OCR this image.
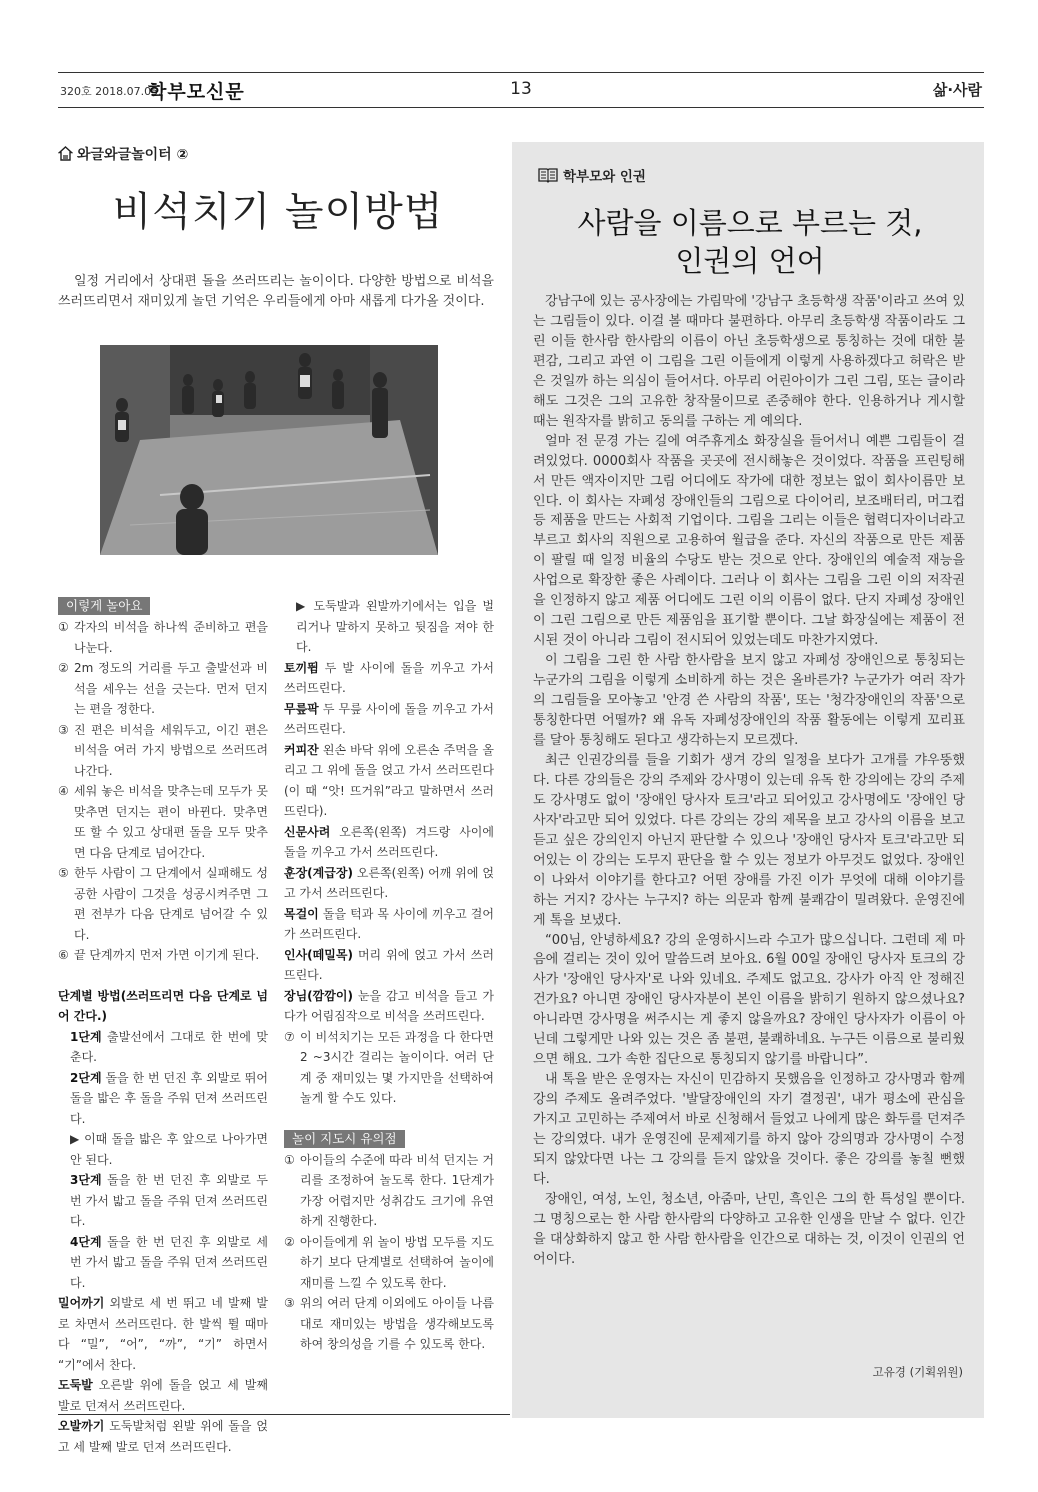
320호 2018.07.05.
학부모신문	13	삶·사람
와글와글놀이터 ②
비석치기 놀이방법

일정 거리에서 상대편 돌을 쓰러뜨리는 놀이이다. 다양한 방법으로 비석을 쓰러뜨리면서 재미있게 놀던 기억은 우리들에게 아마 새롭게 다가올 것이다.

이렇게 놀아요
① 각자의 비석을 하나씩 준비하고 편을 나눈다.
② 2m 정도의 거리를 두고 출발선과 비석을 세우는 선을 긋는다. 먼저 던지는 편을 정한다.
③ 진 편은 비석을 세워두고, 이긴 편은 비석을 여러 가지 방법으로 쓰러뜨려 나간다.
④ 세워 놓은 비석을 맞추는데 모두가 못 맞추면 던지는 편이 바뀐다. 맞추면 또 할 수 있고 상대편 돌을 모두 맞추면 다음 단계로 넘어간다.
⑤ 한두 사람이 그 단계에서 실패해도 성공한 사람이 그것을 성공시켜주면 그편 전부가 다음 단계로 넘어갈 수 있다.
⑥ 끝 단계까지 먼저 가면 이기게 된다.

단계별 방법(쓰러뜨리면 다음 단계로 넘어 간다.)

1단계 출발선에서 그대로 한 번에 맞춘다.
2단계 돌을 한 번 던진 후 외발로 뛰어 돌을 밟은 후 돌을 주워 던져 쓰러뜨린다.
▶ 이때 돌을 밟은 후 앞으로 나아가면 안 된다.
3단계 돌을 한 번 던진 후 외발로 두 번 가서 밟고 돌을 주워 던져 쓰러뜨린다.
4단계 돌을 한 번 던진 후 외발로 세 번 가서 밟고 돌을 주워 던져 쓰러뜨린다.

밀어까기 외발로 세 번 뛰고 네 발째 발로 차면서 쓰러뜨린다. 한 발씩 뛸 때마다 “밀”, “어”, “까”, “기” 하면서 “기”에서 찬다.

도둑발 오른발 위에 돌을 얹고 세 발째 발로 던져서 쓰러뜨린다.

오발까기 도둑발처럼 왼발 위에 돌을 얹고 세 발째 발로 던져 쓰러뜨린다.

▶ 도둑발과 왼발까기에서는 입을 벌리거나 말하지 못하고 뒷짐을 져야 한다.

토끼뜀 두 발 사이에 돌을 끼우고 가서 쓰러뜨린다.

무릎팍 두 무릎 사이에 돌을 끼우고 가서 쓰러뜨린다.

커피잔 왼손 바닥 위에 오른손 주먹을 올리고 그 위에 돌을 얹고 가서 쓰러뜨린다(이 때 “앗! 뜨거워”라고 말하면서 쓰러뜨린다).

신문사려 오른쪽(왼쪽) 겨드랑 사이에 돌을 끼우고 가서 쓰러뜨린다.

훈장(계급장) 오른쪽(왼쪽) 어깨 위에 얹고 가서 쓰러뜨린다.

목걸이 돌을 턱과 목 사이에 끼우고 걸어가 쓰러뜨린다.

인사(떼밀목) 머리 위에 얹고 가서 쓰러뜨린다.

장님(깜깜이) 눈을 감고 비석을 들고 가다가 어림짐작으로 비석을 쓰러뜨린다.

⑦ 이 비석치기는 모든 과정을 다 한다면 2 ~3시간 걸리는 놀이이다. 여러 단계 중 재미있는 몇 가지만을 선택하여 놀게 할 수도 있다.
놀이 지도시 유의점
① 아이들의 수준에 따라 비석 던지는 거리를 조정하여 놀도록 한다. 1단계가 가장 어렵지만 성취감도 크기에 유연하게 진행한다.
② 아이들에게 위 놀이 방법 모두를 지도하기 보다 단계별로 선택하여 놀이에 재미를 느낄 수 있도록 한다.
③ 위의 여러 단계 이외에도 아이들 나름대로 재미있는 방법을 생각해보도록 하여 창의성을 기를 수 있도록 한다.
학부모와 인권
사람을 이름으로 부르는 것,
인권의 언어

강남구에 있는 공사장에는 가림막에 '강남구 초등학생 작품'이라고 쓰여 있는 그림들이 있다. 이걸 볼 때마다 불편하다. 아무리 초등학생 작품이라도 그린 이들 한사람 한사람의 이름이 아닌 초등학생으로 통칭하는 것에 대한 불편감, 그리고 과연 이 그림을 그린 이들에게 이렇게 사용하겠다고 허락은 받은 것일까 하는 의심이 들어서다. 아무리 어린아이가 그린 그림, 또는 글이라 해도 그것은 그의 고유한 창작물이므로 존중해야 한다. 인용하거나 게시할 때는 원작자를 밝히고 동의를 구하는 게 예의다.

얼마 전 문경 가는 길에 여주휴게소 화장실을 들어서니 예쁜 그림들이 걸려있었다. 0000회사 작품을 곳곳에 전시해놓은 것이었다. 작품을 프린팅해서 만든 액자이지만 그림 어디에도 작가에 대한 정보는 없이 회사이름만 보인다. 이 회사는 자폐성 장애인들의 그림으로 다이어리, 보조배터리, 머그컵 등 제품을 만드는 사회적 기업이다. 그림을 그리는 이들은 협력디자이너라고 부르고 회사의 직원으로 고용하여 월급을 준다. 자신의 작품으로 만든 제품이 팔릴 때 일정 비율의 수당도 받는 것으로 안다. 장애인의 예술적 재능을 사업으로 확장한 좋은 사례이다. 그러나 이 회사는 그림을 그린 이의 저작권을 인정하지 않고 제품 어디에도 그린 이의 이름이 없다. 단지 자폐성 장애인이 그린 그림으로 만든 제품임을 표기할 뿐이다. 그날 화장실에는 제품이 전시된 것이 아니라 그림이 전시되어 있었는데도 마찬가지였다.

이 그림을 그린 한 사람 한사람을 보지 않고 자폐성 장애인으로 통칭되는 누군가의 그림을 이렇게 소비하게 하는 것은 올바른가? 누군가가 여러 작가의 그림들을 모아놓고 '안경 쓴 사람의 작품', 또는 '청각장애인의 작품'으로 통칭한다면 어떨까? 왜 유독 자폐성장애인의 작품 활동에는 이렇게 꼬리표를 달아 통칭해도 된다고 생각하는지 모르겠다.

최근 인권강의를 들을 기회가 생겨 강의 일정을 보다가 고개를 갸우뚱했다. 다른 강의들은 강의 주제와 강사명이 있는데 유독 한 강의에는 강의 주제도 강사명도 없이 '장애인 당사자 토크'라고 되어있고 강사명에도 '장애인 당사자'라고만 되어 있었다. 다른 강의는 강의 제목을 보고 강사의 이름을 보고 듣고 싶은 강의인지 아닌지 판단할 수 있으나 '장애인 당사자 토크'라고만 되어있는 이 강의는 도무지 판단을 할 수 있는 정보가 아무것도 없었다. 장애인이 나와서 이야기를 한다고? 어떤 장애를 가진 이가 무엇에 대해 이야기를 하는 거지? 강사는 누구지? 하는 의문과 함께 불쾌감이 밀려왔다. 운영진에게 톡을 보냈다.

“00님, 안녕하세요? 강의 운영하시느라 수고가 많으십니다. 그런데 제 마음에 걸리는 것이 있어 말씀드려 보아요. 6월 00일 장애인 당사자 토크의 강사가 '장애인 당사자'로 나와 있네요. 주제도 없고요. 강사가 아직 안 정해진 건가요? 아니면 장애인 당사자분이 본인 이름을 밝히기 원하지 않으셨나요? 아니라면 강사명을 써주시는 게 좋지 않을까요? 장애인 당사자가 이름이 아닌데 그렇게만 나와 있는 것은 좀 불편, 불쾌하네요. 누구든 이름으로 불리웠으면 해요. 그가 속한 집단으로 통칭되지 않기를 바랍니다”.

내 톡을 받은 운영자는 자신이 민감하지 못했음을 인정하고 강사명과 함께 강의 주제도 올려주었다. '발달장애인의 자기 결정권', 내가 평소에 관심을 가지고 고민하는 주제여서 바로 신청해서 들었고 나에게 많은 화두를 던져주는 강의였다. 내가 운영진에 문제제기를 하지 않아 강의명과 강사명이 수정되지 않았다면 나는 그 강의를 듣지 않았을 것이다. 좋은 강의를 놓칠 뻔했다.

장애인, 여성, 노인, 청소년, 아줌마, 난민, 흑인은 그의 한 특성일 뿐이다. 그 명칭으로는 한 사람 한사람의 다양하고 고유한 인생을 만날 수 없다. 인간을 대상화하지 않고 한 사람 한사람을 인간으로 대하는 것, 이것이 인권의 언어이다.

고유경 (기획위원)
